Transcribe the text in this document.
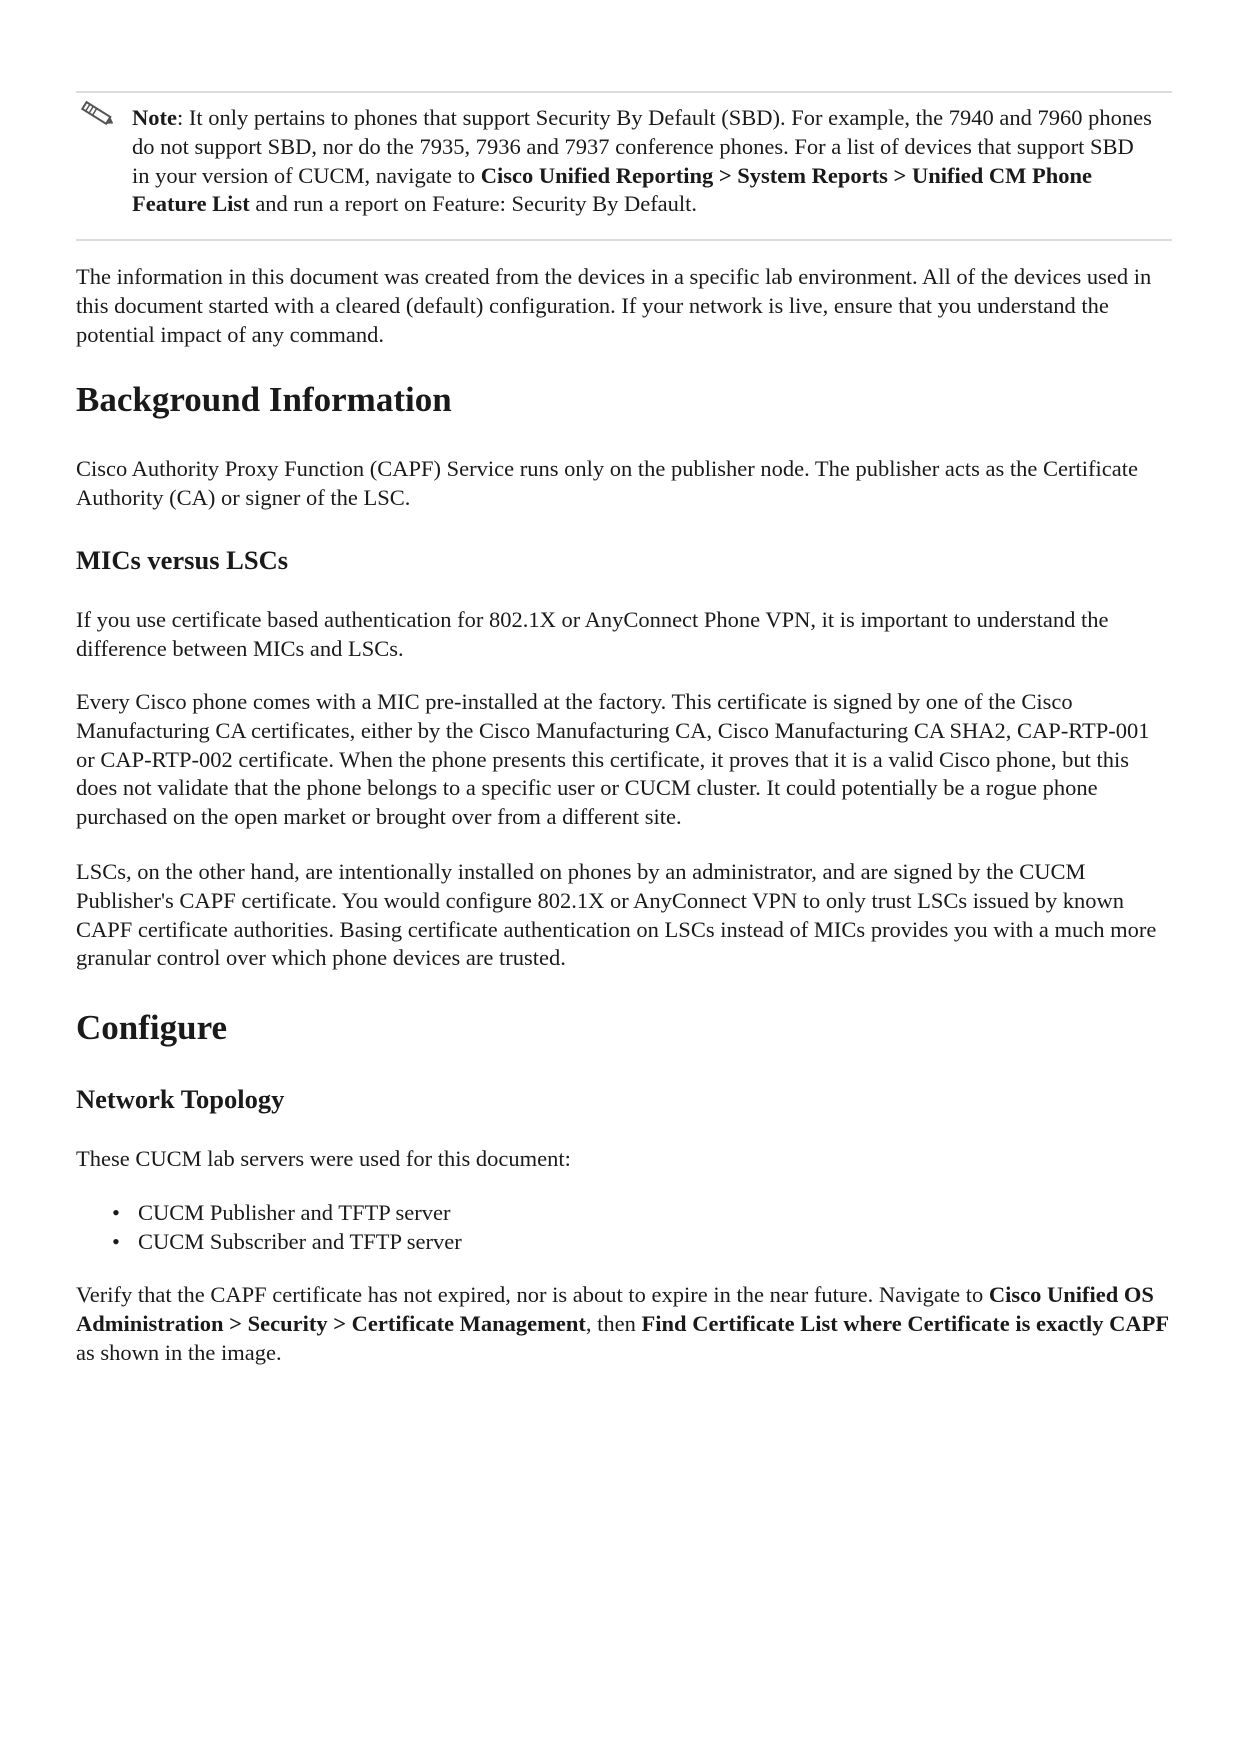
Note: It only pertains to phones that support Security By Default (SBD). For example, the 7940 and 7960 phones do not support SBD, nor do the 7935, 7936 and 7937 conference phones. For a list of devices that support SBD in your version of CUCM, navigate to Cisco Unified Reporting > System Reports > Unified CM Phone Feature List and run a report on Feature: Security By Default.

The information in this document was created from the devices in a specific lab environment. All of the devices used in this document started with a cleared (default) configuration. If your network is live, ensure that you understand the potential impact of any command.

Background Information

Cisco Authority Proxy Function (CAPF) Service runs only on the publisher node. The publisher acts as the Certificate Authority (CA) or signer of the LSC.

MICs versus LSCs

If you use certificate based authentication for 802.1X or AnyConnect Phone VPN, it is important to understand the difference between MICs and LSCs.

Every Cisco phone comes with a MIC pre-installed at the factory. This certificate is signed by one of the Cisco Manufacturing CA certificates, either by the Cisco Manufacturing CA, Cisco Manufacturing CA SHA2, CAP-RTP-001 or CAP-RTP-002 certificate. When the phone presents this certificate, it proves that it is a valid Cisco phone, but this does not validate that the phone belongs to a specific user or CUCM cluster. It could potentially be a rogue phone purchased on the open market or brought over from a different site.

LSCs, on the other hand, are intentionally installed on phones by an administrator, and are signed by the CUCM Publisher's CAPF certificate. You would configure 802.1X or AnyConnect VPN to only trust LSCs issued by known CAPF certificate authorities. Basing certificate authentication on LSCs instead of MICs provides you with a much more granular control over which phone devices are trusted.

Configure
Network Topology

These CUCM lab servers were used for this document:

• CUCM Publisher and TFTP server
• CUCM Subscriber and TFTP server

Verify that the CAPF certificate has not expired, nor is about to expire in the near future. Navigate to Cisco Unified OS Administration > Security > Certificate Management, then Find Certificate List where Certificate is exactly CAPF as shown in the image.
